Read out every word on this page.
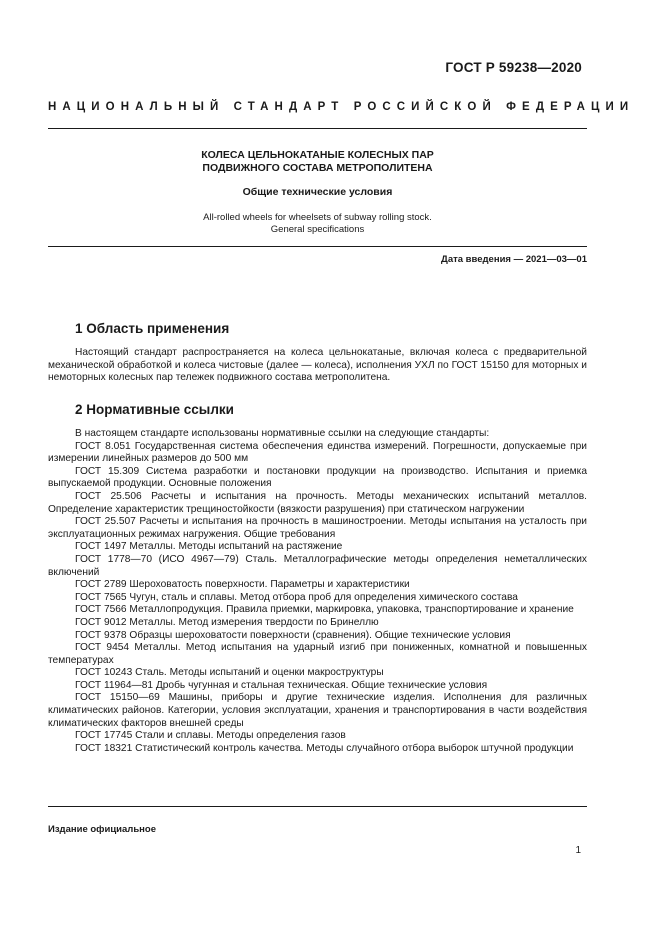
ГОСТ Р 59238—2020
НАЦИОНАЛЬНЫЙ СТАНДАРТ РОССИЙСКОЙ ФЕДЕРАЦИИ
КОЛЕСА ЦЕЛЬНОКАТАНЫЕ КОЛЕСНЫХ ПАР
ПОДВИЖНОГО СОСТАВА МЕТРОПОЛИТЕНА
Общие технические условия
All-rolled wheels for wheelsets of subway rolling stock.
General specifications
Дата введения — 2021—03—01
1 Область применения

Настоящий стандарт распространяется на колеса цельнокатаные, включая колеса с предварительной механической обработкой и колеса чистовые (далее — колеса), исполнения УХЛ по ГОСТ 15150 для моторных и немоторных колесных пар тележек подвижного состава метрополитена.

2 Нормативные ссылки

В настоящем стандарте использованы нормативные ссылки на следующие стандарты:

ГОСТ 8.051 Государственная система обеспечения единства измерений. Погрешности, допускаемые при измерении линейных размеров до 500 мм

ГОСТ 15.309 Система разработки и постановки продукции на производство. Испытания и приемка выпускаемой продукции. Основные положения

ГОСТ 25.506 Расчеты и испытания на прочность. Методы механических испытаний металлов. Определение характеристик трещиностойкости (вязкости разрушения) при статическом нагружении

ГОСТ 25.507 Расчеты и испытания на прочность в машиностроении. Методы испытания на усталость при эксплуатационных режимах нагружения. Общие требования

ГОСТ 1497 Металлы. Методы испытаний на растяжение

ГОСТ 1778—70 (ИСО 4967—79) Сталь. Металлографические методы определения неметаллических включений

ГОСТ 2789 Шероховатость поверхности. Параметры и характеристики

ГОСТ 7565 Чугун, сталь и сплавы. Метод отбора проб для определения химического состава

ГОСТ 7566 Металлопродукция. Правила приемки, маркировка, упаковка, транспортирование и хранение

ГОСТ 9012 Металлы. Метод измерения твердости по Бринеллю

ГОСТ 9378 Образцы шероховатости поверхности (сравнения). Общие технические условия

ГОСТ 9454 Металлы. Метод испытания на ударный изгиб при пониженных, комнатной и повышенных температурах

ГОСТ 10243 Сталь. Методы испытаний и оценки макроструктуры

ГОСТ 11964—81 Дробь чугунная и стальная техническая. Общие технические условия

ГОСТ 15150—69 Машины, приборы и другие технические изделия. Исполнения для различных климатических районов. Категории, условия эксплуатации, хранения и транспортирования в части воздействия климатических факторов внешней среды

ГОСТ 17745 Стали и сплавы. Методы определения газов

ГОСТ 18321 Статистический контроль качества. Методы случайного отбора выборок штучной продукции

Издание официальное
1
